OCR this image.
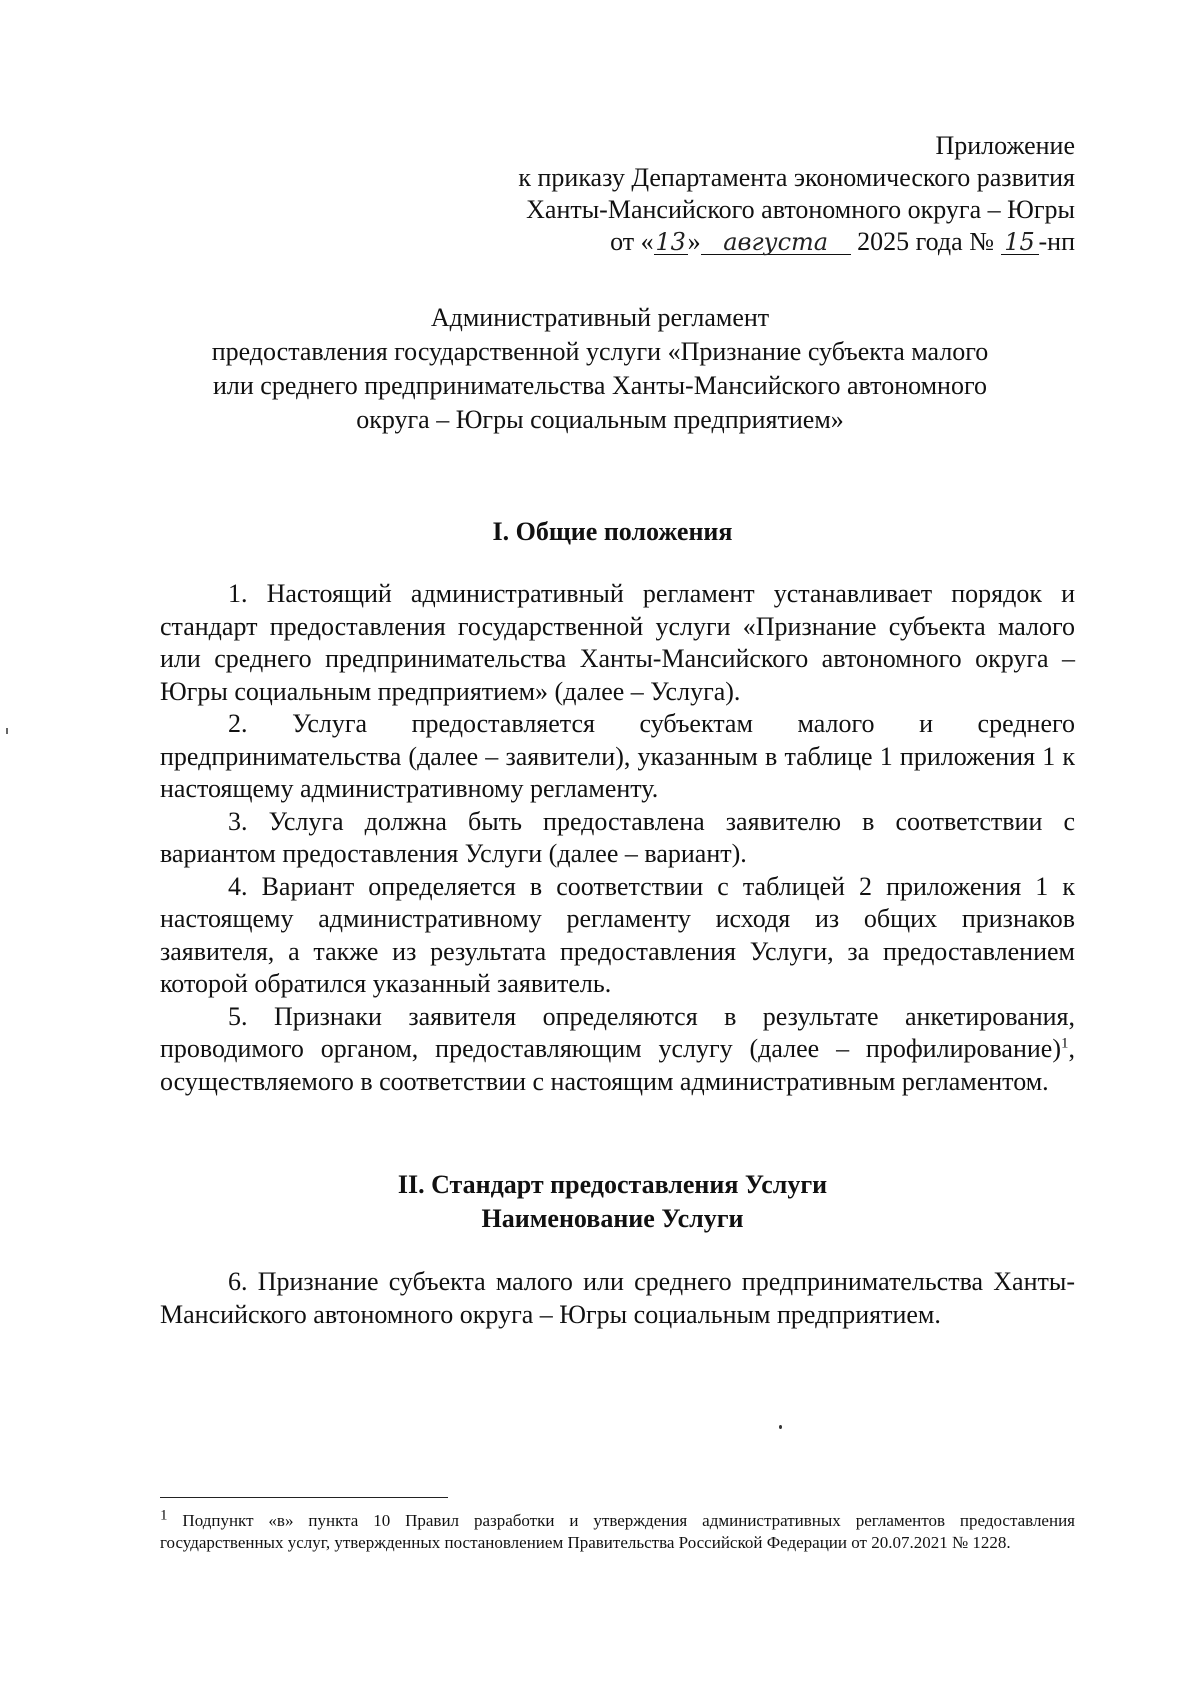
Приложение
к приказу Департамента экономического развития
Ханты-Мансийского автономного округа – Югры
от «13» августа 2025 года № 15 -нп
Административный регламент
предоставления государственной услуги «Признание субъекта малого
или среднего предпринимательства Ханты-Мансийского автономного
округа – Югры социальным предприятием»
I. Общие положения

1. Настоящий административный регламент устанавливает порядок и стандарт предоставления государственной услуги «Признание субъекта малого или среднего предпринимательства Ханты-Мансийского автономного округа – Югры социальным предприятием» (далее – Услуга).

2. Услуга предоставляется субъектам малого и среднего предпринимательства (далее – заявители), указанным в таблице 1 приложения 1 к настоящему административному регламенту.

3. Услуга должна быть предоставлена заявителю в соответствии с вариантом предоставления Услуги (далее – вариант).

4. Вариант определяется в соответствии с таблицей 2 приложения 1 к настоящему административному регламенту исходя из общих признаков заявителя, а также из результата предоставления Услуги, за предоставлением которой обратился указанный заявитель.

5. Признаки заявителя определяются в результате анкетирования, проводимого органом, предоставляющим услугу (далее – профилирование)$^1$, осуществляемого в соответствии с настоящим административным регламентом.

II. Стандарт предоставления Услуги
Наименование Услуги

6. Признание субъекта малого или среднего предпринимательства Ханты-Мансийского автономного округа – Югры социальным предприятием.

$^1$ Подпункт «в» пункта 10 Правил разработки и утверждения административных регламентов предоставления государственных услуг, утвержденных постановлением Правительства Российской Федерации от 20.07.2021 № 1228.
